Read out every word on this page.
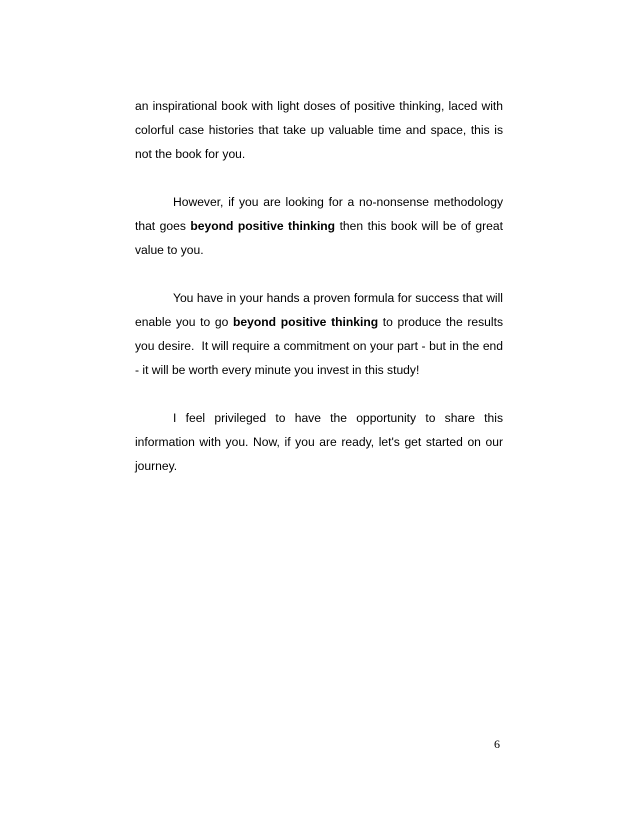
an inspirational book with light doses of positive thinking, laced with colorful case histories that take up valuable time and space, this is not the book for you.

However, if you are looking for a no-nonsense methodology that goes beyond positive thinking then this book will be of great value to you.

You have in your hands a proven formula for success that will enable you to go beyond positive thinking to produce the results you desire.  It will require a commitment on your part - but in the end - it will be worth every minute you invest in this study!

I feel privileged to have the opportunity to share this information with you. Now, if you are ready, let's get started on our journey.

6
